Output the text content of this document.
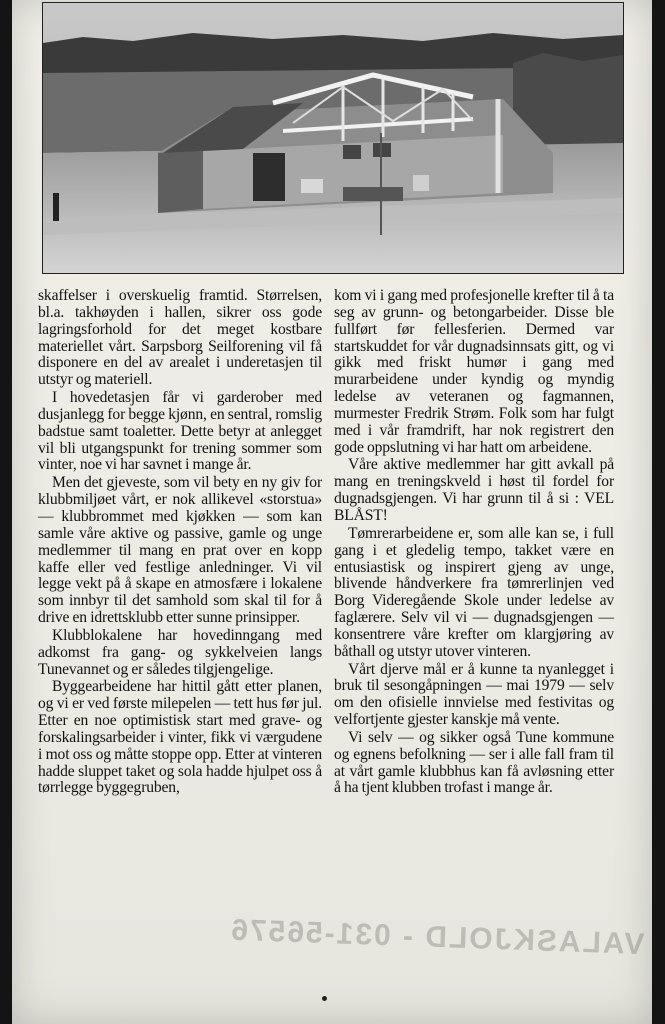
skaffelser i overskuelig framtid. Størrelsen, bl.a. takhøyden i hallen, sikrer oss gode lagringsforhold for det meget kostbare materiellet vårt. Sarpsborg Seilforening vil få disponere en del av arealet i underetasjen til utstyr og materiell.

I hovedetasjen får vi garderober med dusjanlegg for begge kjønn, en sentral, romslig badstue samt toaletter. Dette betyr at anlegget vil bli utgangspunkt for trening sommer som vinter, noe vi har savnet i mange år.

Men det gjeveste, som vil bety en ny giv for klubbmiljøet vårt, er nok allikevel «storstua» — klubbrommet med kjøkken — som kan samle våre aktive og passive, gamle og unge medlemmer til mang en prat over en kopp kaffe eller ved festlige anledninger. Vi vil legge vekt på å skape en atmosfære i lokalene som innbyr til det samhold som skal til for å drive en idrettsklubb etter sunne prinsipper.

Klubblokalene har hovedinngang med adkomst fra gang- og sykkelveien langs Tunevannet og er således tilgjengelige.

Byggearbeidene har hittil gått etter planen, og vi er ved første milepelen — tett hus før jul. Etter en noe optimistisk start med grave- og forskalingsarbeider i vinter, fikk vi værgudene i mot oss og måtte stoppe opp. Etter at vinteren hadde sluppet taket og sola hadde hjulpet oss å tørrlegge byggegruben,

kom vi i gang med profesjonelle krefter til å ta seg av grunn- og betongarbeider. Disse ble fullført før fellesferien. Dermed var startskuddet for vår dugnadsinnsats gitt, og vi gikk med friskt humør i gang med murarbeidene under kyndig og myndig ledelse av veteranen og fagmannen, murmester Fredrik Strøm. Folk som har fulgt med i vår framdrift, har nok registrert den gode oppslutning vi har hatt om arbeidene.

Våre aktive medlemmer har gitt avkall på mang en treningskveld i høst til fordel for dugnadsgjengen. Vi har grunn til å si : VEL BLÅST!

Tømrerarbeidene er, som alle kan se, i full gang i et gledelig tempo, takket være en entusiastisk og inspirert gjeng av unge, blivende håndverkere fra tømrerlinjen ved Borg Videregående Skole under ledelse av faglærere. Selv vil vi — dugnadsgjengen — konsentrere våre krefter om klargjøring av båthall og utstyr utover vinteren.

Vårt djerve mål er å kunne ta nyanlegget i bruk til sesongåpningen — mai 1979 — selv om den ofisielle innvielse med festivitas og velfortjente gjester kanskje må vente.

Vi selv — og sikker også Tune kommune og egnens befolkning — ser i alle fall fram til at vårt gamle klubbhus kan få avløsning etter å ha tjent klubben trofast i mange år.

VALASKJOLD - 031-56576
